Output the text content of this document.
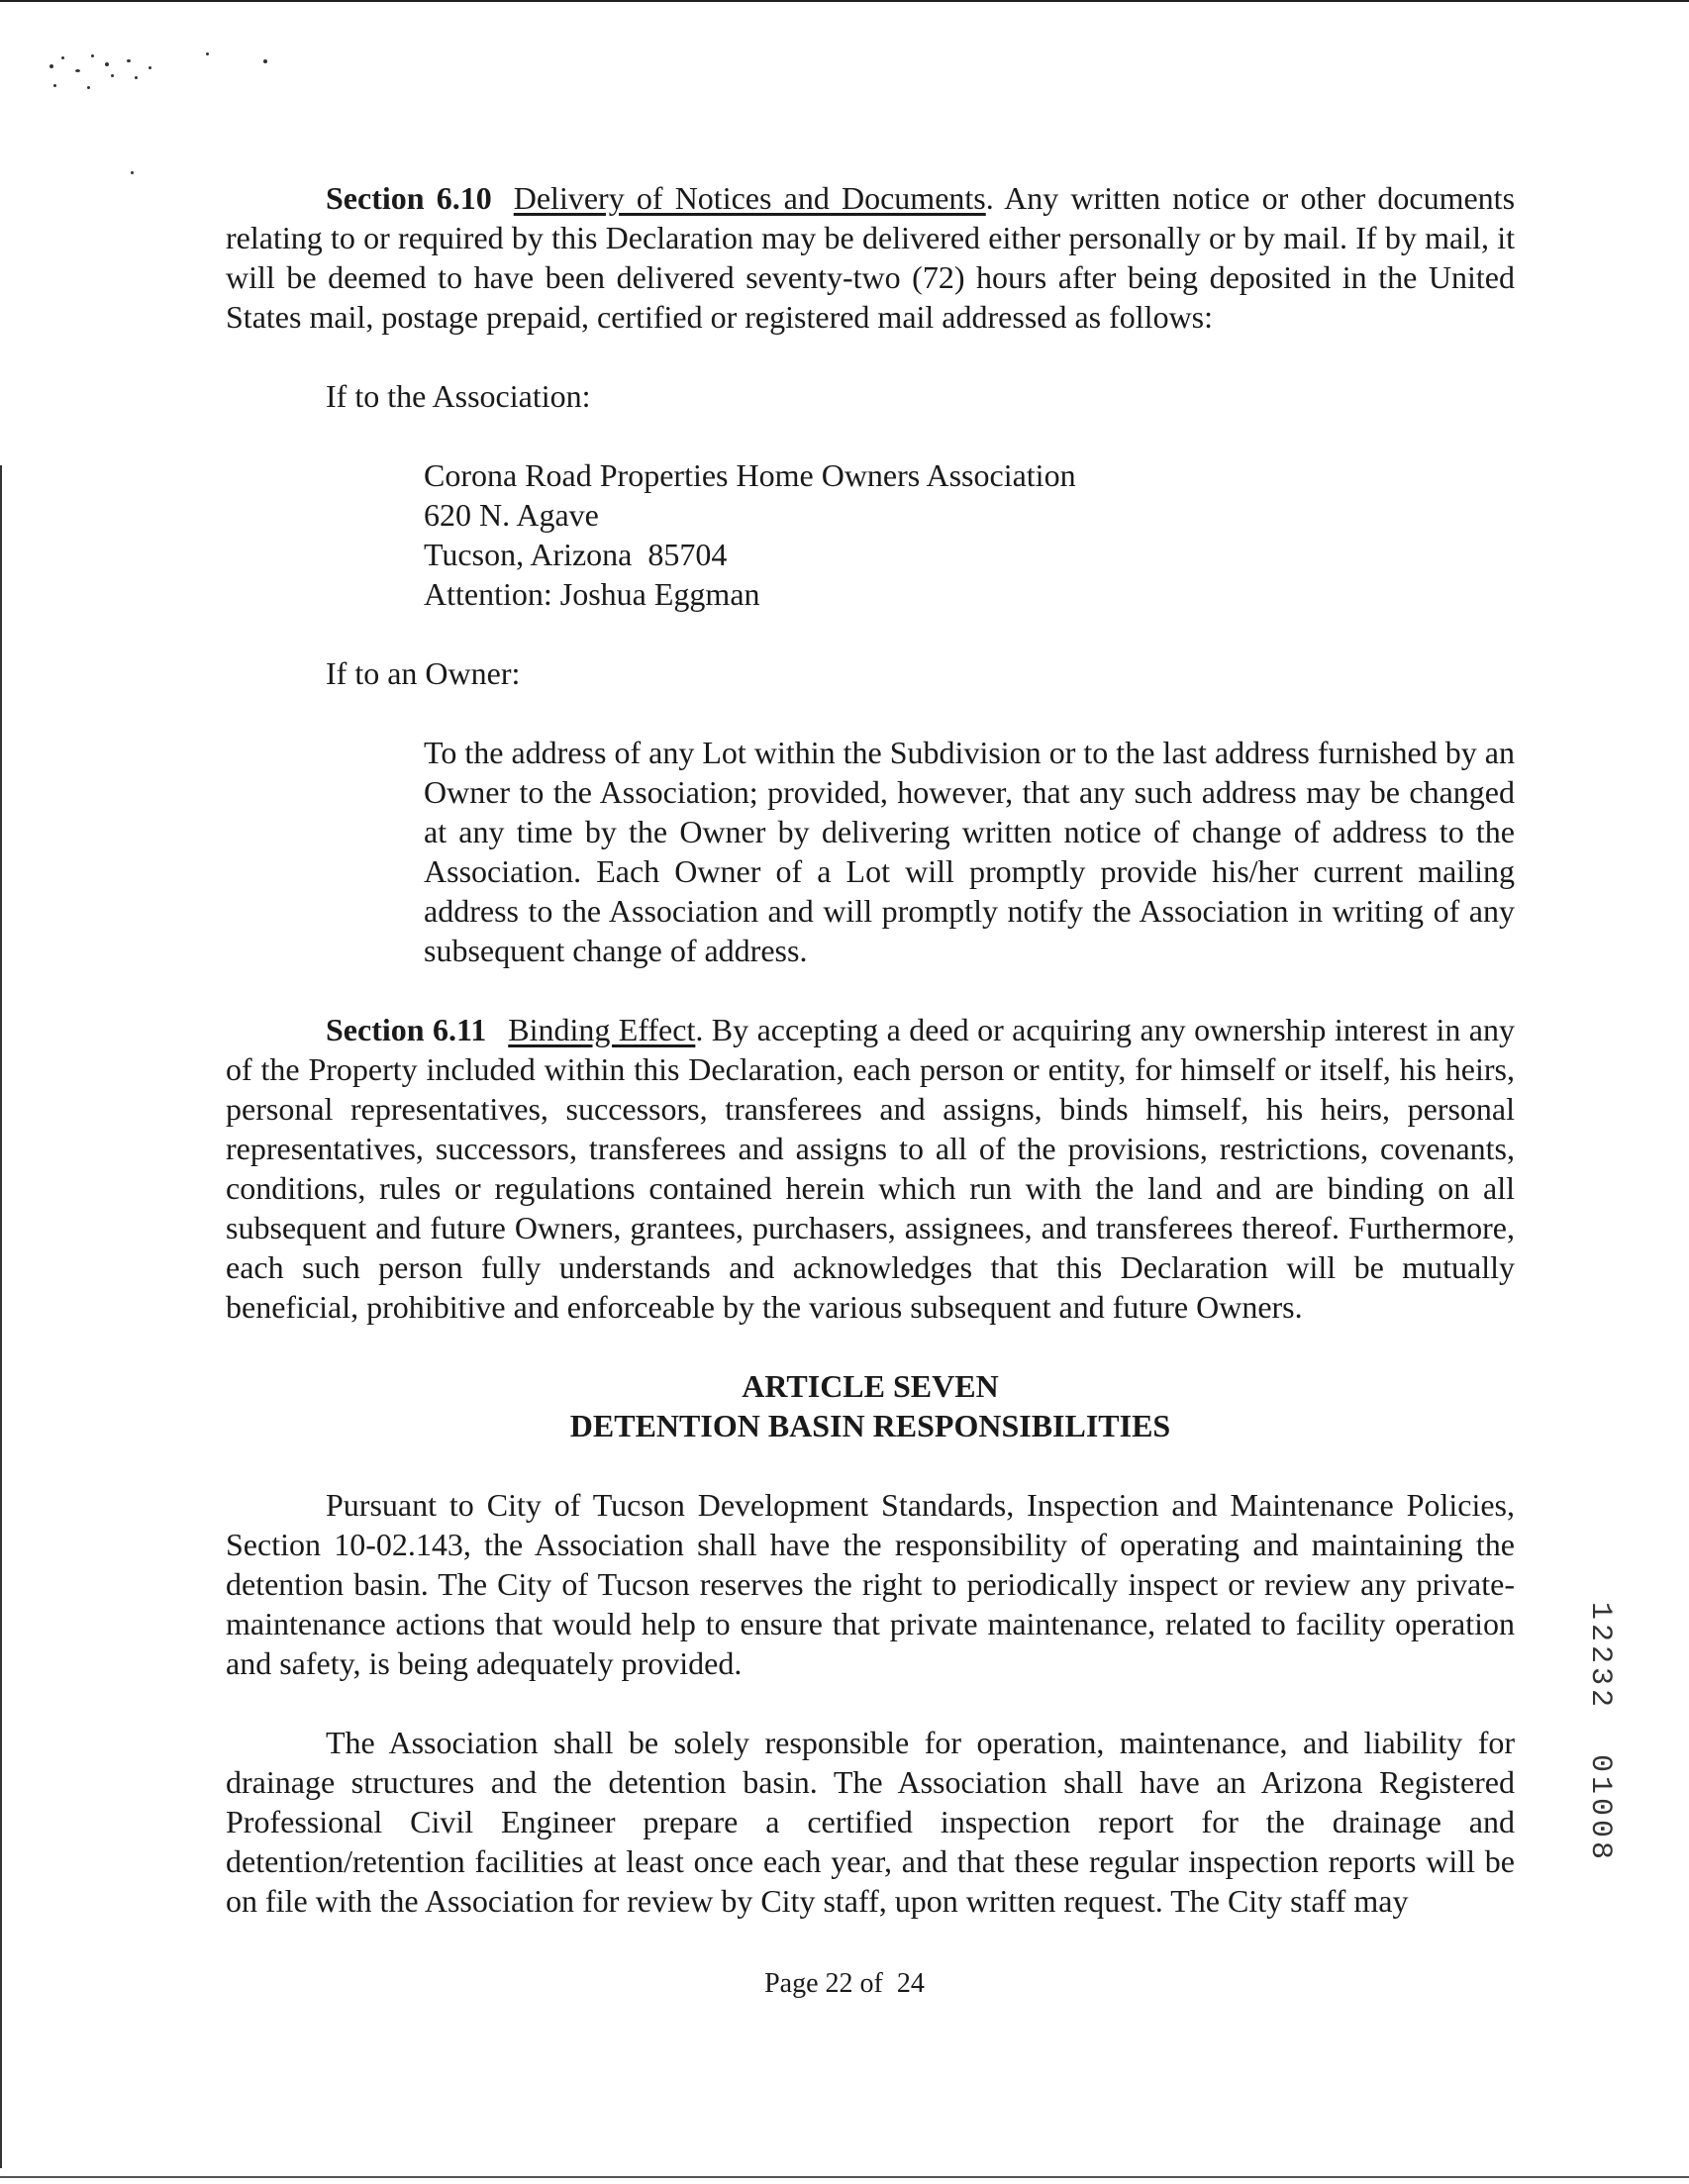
Section 6.10 Delivery of Notices and Documents. Any written notice or other documents relating to or required by this Declaration may be delivered either personally or by mail. If by mail, it will be deemed to have been delivered seventy-two (72) hours after being deposited in the United States mail, postage prepaid, certified or registered mail addressed as follows:

If to the Association:

Corona Road Properties Home Owners Association
620 N. Agave
Tucson, Arizona  85704
Attention: Joshua Eggman

If to an Owner:

To the address of any Lot within the Subdivision or to the last address furnished by an Owner to the Association; provided, however, that any such address may be changed at any time by the Owner by delivering written notice of change of address to the Association. Each Owner of a Lot will promptly provide his/her current mailing address to the Association and will promptly notify the Association in writing of any subsequent change of address.

Section 6.11 Binding Effect. By accepting a deed or acquiring any ownership interest in any of the Property included within this Declaration, each person or entity, for himself or itself, his heirs, personal representatives, successors, transferees and assigns, binds himself, his heirs, personal representatives, successors, transferees and assigns to all of the provisions, restrictions, covenants, conditions, rules or regulations contained herein which run with the land and are binding on all subsequent and future Owners, grantees, purchasers, assignees, and transferees thereof. Furthermore, each such person fully understands and acknowledges that this Declaration will be mutually beneficial, prohibitive and enforceable by the various subsequent and future Owners.

ARTICLE SEVEN
DETENTION BASIN RESPONSIBILITIES

Pursuant to City of Tucson Development Standards, Inspection and Maintenance Policies, Section 10-02.143, the Association shall have the responsibility of operating and maintaining the detention basin. The City of Tucson reserves the right to periodically inspect or review any private-maintenance actions that would help to ensure that private maintenance, related to facility operation and safety, is being adequately provided.

The Association shall be solely responsible for operation, maintenance, and liability for drainage structures and the detention basin. The Association shall have an Arizona Registered Professional Civil Engineer prepare a certified inspection report for the drainage and detention/retention facilities at least once each year, and that these regular inspection reports will be on file with the Association for review by City staff, upon written request. The City staff may

Page 22 of  24
12232  01008
